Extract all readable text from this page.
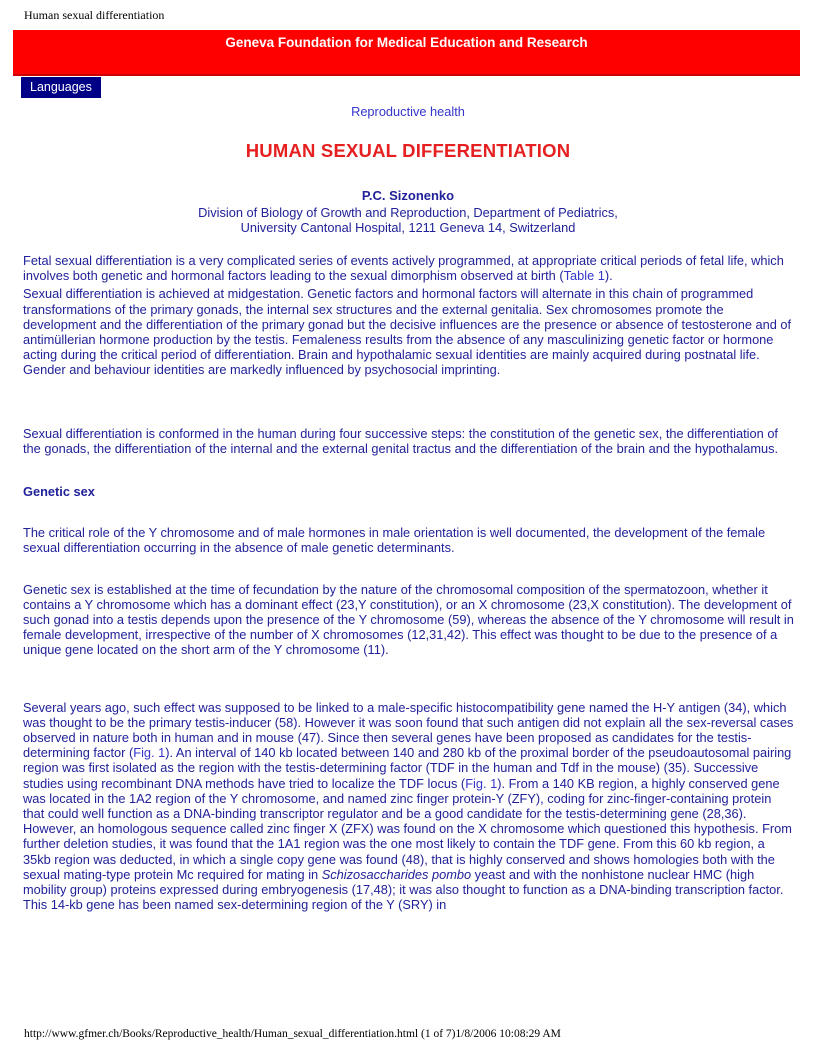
Human sexual differentiation
Geneva Foundation for Medical Education and Research
Languages
Reproductive health
HUMAN SEXUAL DIFFERENTIATION
P.C. Sizonenko
Division of Biology of Growth and Reproduction, Department of Pediatrics,
University Cantonal Hospital, 1211 Geneva 14, Switzerland

Fetal sexual differentiation is a very complicated series of events actively programmed, at appropriate critical periods of fetal life, which involves both genetic and hormonal factors leading to the sexual dimorphism observed at birth (Table 1).

Sexual differentiation is achieved at midgestation. Genetic factors and hormonal factors will alternate in this chain of programmed transformations of the primary gonads, the internal sex structures and the external genitalia. Sex chromosomes promote the development and the differentiation of the primary gonad but the decisive influences are the presence or absence of testosterone and of antimüllerian hormone production by the testis. Femaleness results from the absence of any masculinizing genetic factor or hormone acting during the critical period of differentiation. Brain and hypothalamic sexual identities are mainly acquired during postnatal life. Gender and behaviour identities are markedly influenced by psychosocial imprinting.

Sexual differentiation is conformed in the human during four successive steps: the constitution of the genetic sex, the differentiation of the gonads, the differentiation of the internal and the external genital tractus and the differentiation of the brain and the hypothalamus.

Genetic sex

The critical role of the Y chromosome and of male hormones in male orientation is well documented, the development of the female sexual differentiation occurring in the absence of male genetic determinants.

Genetic sex is established at the time of fecundation by the nature of the chromosomal composition of the spermatozoon, whether it contains a Y chromosome which has a dominant effect (23,Y constitution), or an X chromosome (23,X constitution). The development of such gonad into a testis depends upon the presence of the Y chromosome (59), whereas the absence of the Y chromosome will result in female development, irrespective of the number of X chromosomes (12,31,42). This effect was thought to be due to the presence of a unique gene located on the short arm of the Y chromosome (11).

Several years ago, such effect was supposed to be linked to a male-specific histocompatibility gene named the H-Y antigen (34), which was thought to be the primary testis-inducer (58). However it was soon found that such antigen did not explain all the sex-reversal cases observed in nature both in human and in mouse (47). Since then several genes have been proposed as candidates for the testis-determining factor (Fig. 1). An interval of 140 kb located between 140 and 280 kb of the proximal border of the pseudoautosomal pairing region was first isolated as the region with the testis-determining factor (TDF in the human and Tdf in the mouse) (35). Successive studies using recombinant DNA methods have tried to localize the TDF locus (Fig. 1). From a 140 KB region, a highly conserved gene was located in the 1A2 region of the Y chromosome, and named zinc finger protein-Y (ZFY), coding for zinc-finger-containing protein that could well function as a DNA-binding transcriptor regulator and be a good candidate for the testis-determining gene (28,36). However, an homologous sequence called zinc finger X (ZFX) was found on the X chromosome which questioned this hypothesis. From further deletion studies, it was found that the 1A1 region was the one most likely to contain the TDF gene. From this 60 kb region, a 35kb region was deducted, in which a single copy gene was found (48), that is highly conserved and shows homologies both with the sexual mating-type protein Mc required for mating in Schizosaccharides pombo yeast and with the nonhistone nuclear HMC (high mobility group) proteins expressed during embryogenesis (17,48); it was also thought to function as a DNA-binding transcription factor. This 14-kb gene has been named sex-determining region of the Y (SRY) in

http://www.gfmer.ch/Books/Reproductive_health/Human_sexual_differentiation.html (1 of 7)1/8/2006 10:08:29 AM
